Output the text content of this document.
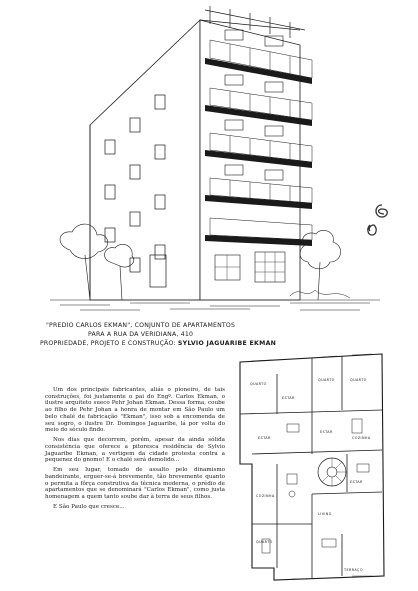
"PREDIO CARLOS EKMAN", CONJUNTO DE APARTAMENTOS
PARA A RUA DA VERIDIANA, 410
PROPRIEDADE, PROJETO E CONSTRUÇÃO: SYLVIO JAGUARIBE EKMAN

Um dos principais fabricantes, aliás o pioneiro, de tais construções, foi justamente o pai do Engº. Carlos Ekman, o ilustre arquiteto sueco Pehr Johan Ekman. Dessa forma, coube ao filho de Pehr Johan a honra de montar em São Paulo um belo chalé de fabricação "Ekman", isso sob a encomenda de seu sogro, o ilustre Dr. Domingos Jaguaribe, lá por volta do meio do século findo.

Nos dias que decorrem, porém, apesar da ainda sólida consistência que oferece a pitoresca residência de Sylvio Jaguaribe Ekman, a vertigem da cidade protesta contra a pequenez do gnomo! E o chalé será demolido...

Em seu lugar, tomado de assalto pelo dinamismo bandeirante, erguer-se-á brevemente, tão brevemente quanto o permita a fôrça construtiva da técnica moderna, o prédio de apartamentos que se denominará "Carlos Ekman", como justa homenagem a quem tanto soube dar à terra de seus filhos.

E São Paulo que cresce...

QUARTO
QUARTO	QUARTO
ESTAR
ESTAR
ESTAR	COZINHA
ESTAR
LIVING
COZINHA
QUARTO
TERRAÇO
